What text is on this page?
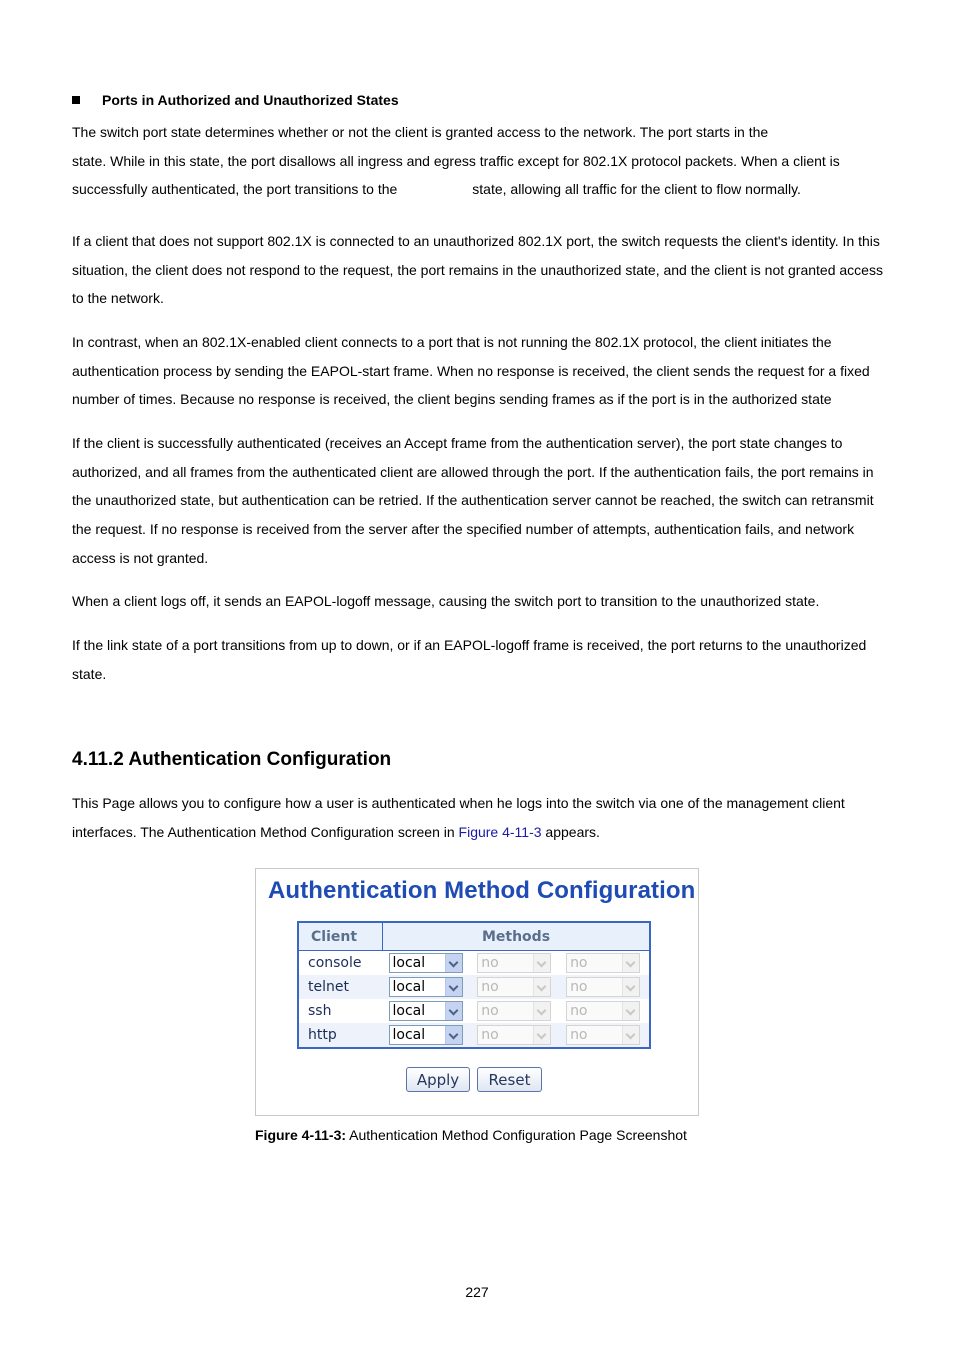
Ports in Authorized and Unauthorized States

The switch port state determines whether or not the client is granted access to the network. The port starts in the
state. While in this state, the port disallows all ingress and egress traffic except for 802.1X protocol packets. When a client is
successfully authenticated, the port transitions to the	state, allowing all traffic for the client to flow normally.

If a client that does not support 802.1X is connected to an unauthorized 802.1X port, the switch requests the client's identity. In this situation, the client does not respond to the request, the port remains in the unauthorized state, and the client is not granted access to the network.

In contrast, when an 802.1X-enabled client connects to a port that is not running the 802.1X protocol, the client initiates the authentication process by sending the EAPOL-start frame. When no response is received, the client sends the request for a fixed number of times. Because no response is received, the client begins sending frames as if the port is in the authorized state

If the client is successfully authenticated (receives an Accept frame from the authentication server), the port state changes to authorized, and all frames from the authenticated client are allowed through the port. If the authentication fails, the port remains in the unauthorized state, but authentication can be retried. If the authentication server cannot be reached, the switch can retransmit the request. If no response is received from the server after the specified number of attempts, authentication fails, and network access is not granted.

When a client logs off, it sends an EAPOL-logoff message, causing the switch port to transition to the unauthorized state.

If the link state of a port transitions from up to down, or if an EAPOL-logoff frame is received, the port returns to the unauthorized state.

4.11.2 Authentication Configuration

This Page allows you to configure how a user is authenticated when he logs into the switch via one of the management client interfaces. The Authentication Method Configuration screen in Figure 4-11-3 appears.

Authentication Method Configuration
Client	Methods		
console	local	no	no

telnet	local	no	no

ssh	local	no	no

http	local	no	no
Apply	Reset
Figure 4-11-3: Authentication Method Configuration Page Screenshot
227
